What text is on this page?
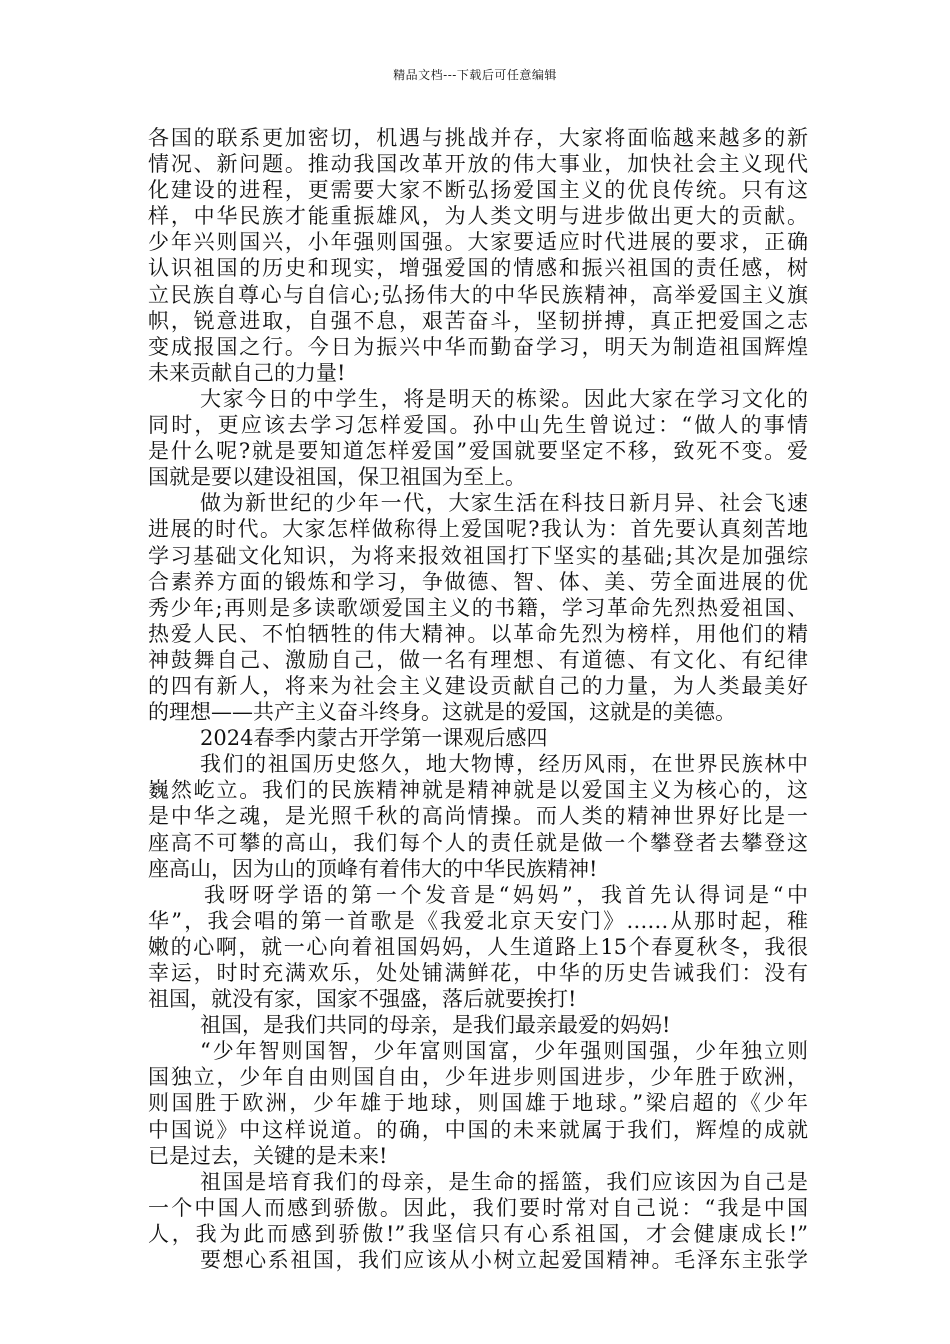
精品文档---下载后可任意编辑
各国的联系更加密切，机遇与挑战并存，大家将面临越来越多的新
情况、新问题。推动我国改革开放的伟大事业，加快社会主义现代
化建设的进程，更需要大家不断弘扬爱国主义的优良传统。只有这
样，中华民族才能重振雄风，为人类文明与进步做出更大的贡献。
少年兴则国兴，小年强则国强。大家要适应时代进展的要求，正确
认识祖国的历史和现实，增强爱国的情感和振兴祖国的责任感，树
立民族自尊心与自信心;弘扬伟大的中华民族精神，高举爱国主义旗
帜，锐意进取，自强不息，艰苦奋斗，坚韧拼搏，真正把爱国之志
变成报国之行。今日为振兴中华而勤奋学习，明天为制造祖国辉煌
未来贡献自己的力量!
大家今日的中学生，将是明天的栋梁。因此大家在学习文化的
同时，更应该去学习怎样爱国。孙中山先生曾说过：“做人的事情
是什么呢?就是要知道怎样爱国”爱国就要坚定不移，致死不变。爱
国就是要以建设祖国，保卫祖国为至上。
做为新世纪的少年一代，大家生活在科技日新月异、社会飞速
进展的时代。大家怎样做称得上爱国呢?我认为：首先要认真刻苦地
学习基础文化知识，为将来报效祖国打下坚实的基础;其次是加强综
合素养方面的锻炼和学习，争做德、智、体、美、劳全面进展的优
秀少年;再则是多读歌颂爱国主义的书籍，学习革命先烈热爱祖国、
热爱人民、不怕牺牲的伟大精神。以革命先烈为榜样，用他们的精
神鼓舞自己、激励自己，做一名有理想、有道德、有文化、有纪律
的四有新人，将来为社会主义建设贡献自己的力量，为人类最美好
的理想——共产主义奋斗终身。这就是的爱国，这就是的美德。
2024春季内蒙古开学第一课观后感四
我们的祖国历史悠久，地大物博，经历风雨，在世界民族林中
巍然屹立。我们的民族精神就是精神就是以爱国主义为核心的，这
是中华之魂，是光照千秋的高尚情操。而人类的精神世界好比是一
座高不可攀的高山，我们每个人的责任就是做一个攀登者去攀登这
座高山，因为山的顶峰有着伟大的中华民族精神!
我呀呀学语的第一个发音是“妈妈”，我首先认得词是“中
华”，我会唱的第一首歌是《我爱北京天安门》……从那时起，稚
嫩的心啊，就一心向着祖国妈妈，人生道路上15个春夏秋冬，我很
幸运，时时充满欢乐，处处铺满鲜花，中华的历史告诫我们：没有
祖国，就没有家，国家不强盛，落后就要挨打!
祖国，是我们共同的母亲，是我们最亲最爱的妈妈!
“少年智则国智，少年富则国富，少年强则国强，少年独立则
国独立，少年自由则国自由，少年进步则国进步，少年胜于欧洲，
则国胜于欧洲，少年雄于地球，则国雄于地球。”梁启超的《少年
中国说》中这样说道。的确，中国的未来就属于我们，辉煌的成就
已是过去，关键的是未来!
祖国是培育我们的母亲，是生命的摇篮，我们应该因为自己是
一个中国人而感到骄傲。因此，我们要时常对自己说：“我是中国
人，我为此而感到骄傲!”我坚信只有心系祖国，才会健康成长!”
要想心系祖国，我们应该从小树立起爱国精神。毛泽东主张学
